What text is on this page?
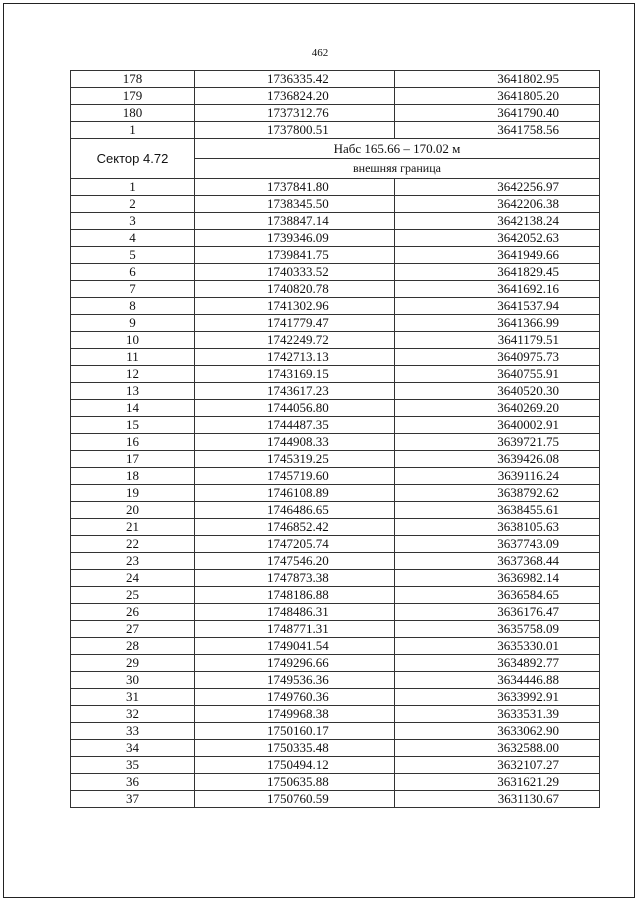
462
178	1736335.42	3641802.95
179	1736824.20	3641805.20
180	1737312.76	3641790.40
1	1737800.51	3641758.56
Сектор 4.72	Набс 165.66 – 170.02 м	
	внешняя граница	
1	1737841.80	3642256.97
2	1738345.50	3642206.38
3	1738847.14	3642138.24
4	1739346.09	3642052.63
5	1739841.75	3641949.66
6	1740333.52	3641829.45
7	1740820.78	3641692.16
8	1741302.96	3641537.94
9	1741779.47	3641366.99
10	1742249.72	3641179.51
11	1742713.13	3640975.73
12	1743169.15	3640755.91
13	1743617.23	3640520.30
14	1744056.80	3640269.20
15	1744487.35	3640002.91
16	1744908.33	3639721.75
17	1745319.25	3639426.08
18	1745719.60	3639116.24
19	1746108.89	3638792.62
20	1746486.65	3638455.61
21	1746852.42	3638105.63
22	1747205.74	3637743.09
23	1747546.20	3637368.44
24	1747873.38	3636982.14
25	1748186.88	3636584.65
26	1748486.31	3636176.47
27	1748771.31	3635758.09
28	1749041.54	3635330.01
29	1749296.66	3634892.77
30	1749536.36	3634446.88
31	1749760.36	3633992.91
32	1749968.38	3633531.39
33	1750160.17	3633062.90
34	1750335.48	3632588.00
35	1750494.12	3632107.27
36	1750635.88	3631621.29
37	1750760.59	3631130.67
